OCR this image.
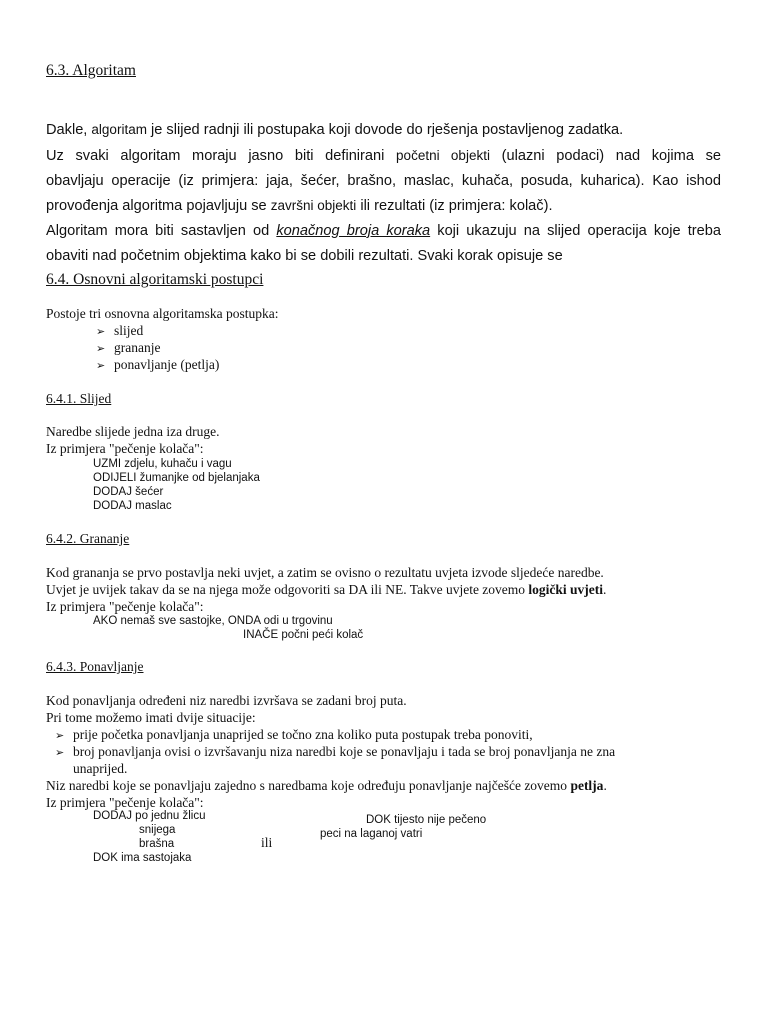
6.3. Algoritam
Dakle, algoritam je slijed radnji ili postupaka koji dovode do rješenja postavljenog zadatka.
Uz svaki algoritam moraju jasno biti definirani početni objekti (ulazni podaci) nad kojima se
obavljaju operacije (iz primjera: jaja, šećer, brašno, maslac, kuhača, posuda, kuharica). Kao ishod
provođenja algoritma pojavljuju se završni objekti ili rezultati (iz primjera: kolač).
Algoritam mora biti sastavljen od konačnog broja koraka koji ukazuju na slijed operacija koje treba
obaviti nad početnim objektima kako bi se dobili rezultati. Svaki korak opisuje se
6.4. Osnovni algoritamski postupci
Postoje tri osnovna algoritamska postupka:
➢ slijed
➢ grananje
➢ ponavljanje (petlja)
6.4.1. Slijed
Naredbe slijede jedna iza druge.
Iz primjera "pečenje kolača":
UZMI zdjelu, kuhaču i vagu
ODIJELI žumanjke od bjelanjaka
DODAJ šećer
DODAJ maslac
6.4.2. Grananje
Kod grananja se prvo postavlja neki uvjet, a zatim se ovisno o rezultatu uvjeta izvode sljedeće naredbe.
Uvjet je uvijek takav da se na njega može odgovoriti sa DA ili NE. Takve uvjete zovemo logički uvjeti.
Iz primjera "pečenje kolača":
AKO nemaš sve sastojke, ONDA odi u trgovinu
INAČE počni peći kolač
6.4.3. Ponavljanje
Kod ponavljanja određeni niz naredbi izvršava se zadani broj puta.
Pri tome možemo imati dvije situacije:
➢ prije početka ponavljanja unaprijed se točno zna koliko puta postupak treba ponoviti,
➢ broj ponavljanja ovisi o izvršavanju niza naredbi koje se ponavljaju i tada se broj ponavljanja ne zna
unaprijed.
Niz naredbi koje se ponavljaju zajedno s naredbama koje određuju ponavljanje najčešće zovemo petlja.
Iz primjera "pečenje kolača":
DODAJ po jednu žlicu
snijega
brašna
DOK ima sastojaka
ili
DOK tijesto nije pečeno
peci na laganoj vatri
